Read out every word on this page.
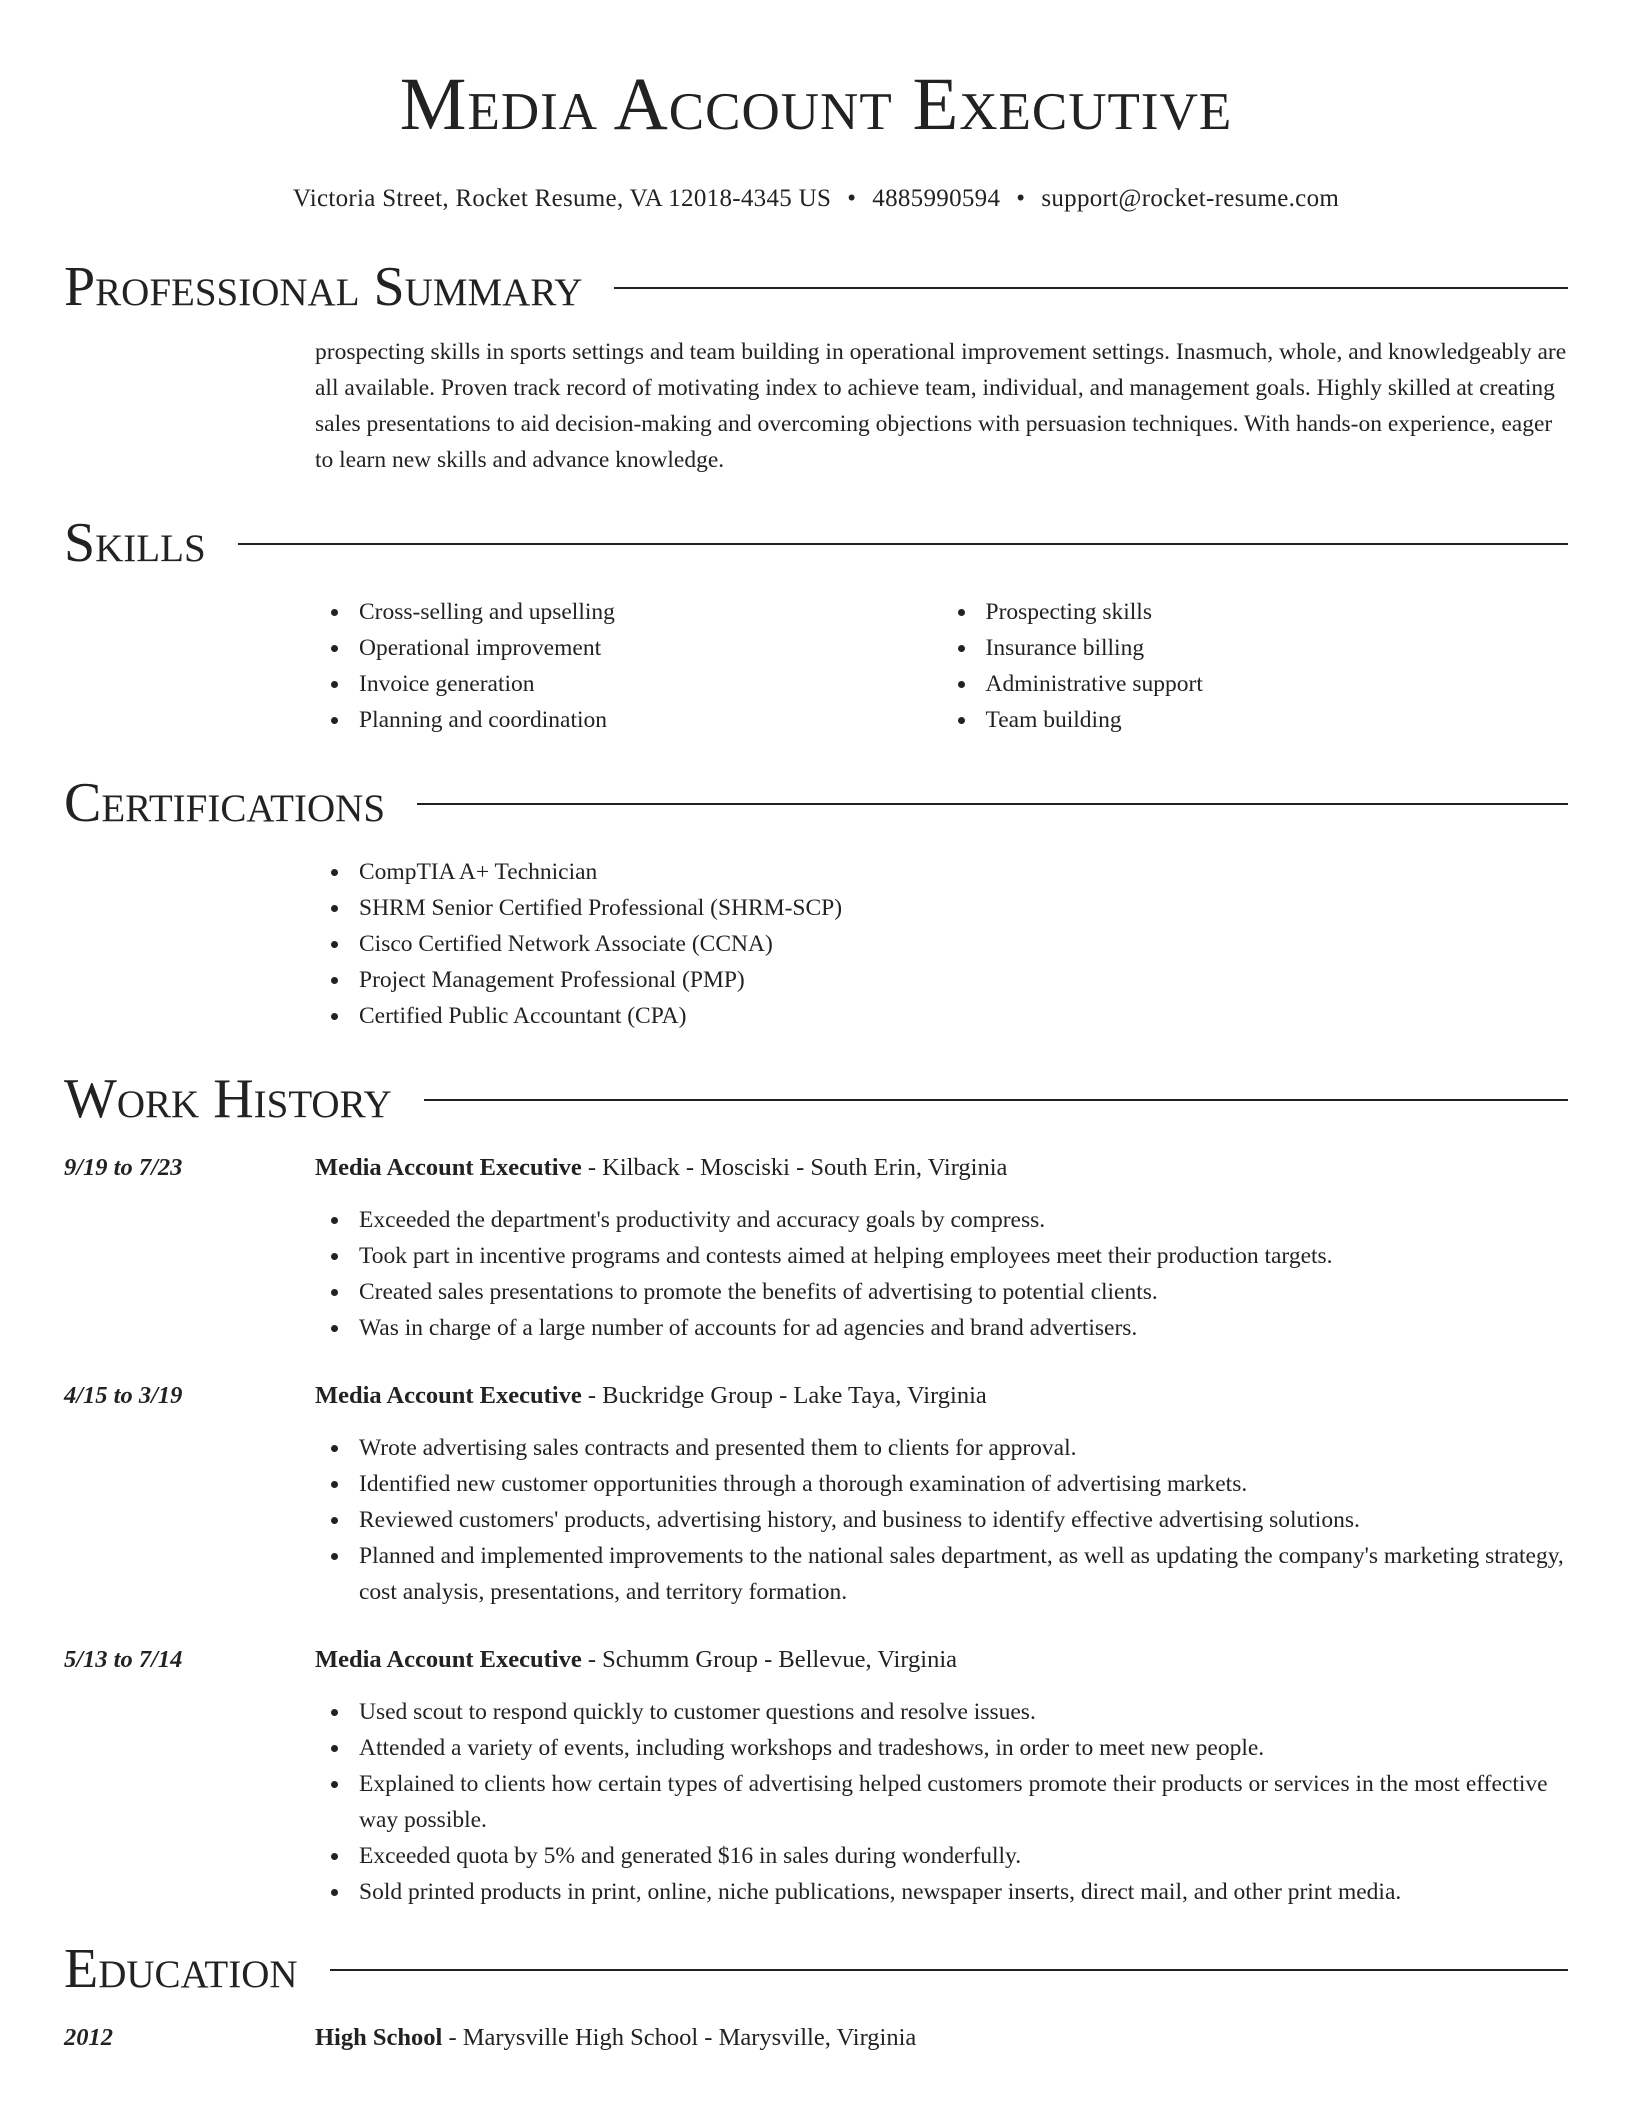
Media Account Executive
Victoria Street, Rocket Resume, VA 12018-4345 US • 4885990594 • support@rocket-resume.com
Professional Summary

prospecting skills in sports settings and team building in operational improvement settings. Inasmuch, whole, and knowledgeably are all available. Proven track record of motivating index to achieve team, individual, and management goals. Highly skilled at creating sales presentations to aid decision-making and overcoming objections with persuasion techniques. With hands-on experience, eager to learn new skills and advance knowledge.

Skills
Cross-selling and upselling
Operational improvement
Invoice generation
Planning and coordination
Prospecting skills
Insurance billing
Administrative support
Team building
Certifications
CompTIA A+ Technician
SHRM Senior Certified Professional (SHRM-SCP)
Cisco Certified Network Associate (CCNA)
Project Management Professional (PMP)
Certified Public Accountant (CPA)
Work History
9/19 to 7/23	Media Account Executive - Kilback - Mosciski - South Erin, Virginia
Exceeded the department's productivity and accuracy goals by compress.
Took part in incentive programs and contests aimed at helping employees meet their production targets.
Created sales presentations to promote the benefits of advertising to potential clients.
Was in charge of a large number of accounts for ad agencies and brand advertisers.
4/15 to 3/19	Media Account Executive - Buckridge Group - Lake Taya, Virginia
Wrote advertising sales contracts and presented them to clients for approval.
Identified new customer opportunities through a thorough examination of advertising markets.
Reviewed customers' products, advertising history, and business to identify effective advertising solutions.
Planned and implemented improvements to the national sales department, as well as updating the company's marketing strategy, cost analysis, presentations, and territory formation.
5/13 to 7/14	Media Account Executive - Schumm Group - Bellevue, Virginia
Used scout to respond quickly to customer questions and resolve issues.
Attended a variety of events, including workshops and tradeshows, in order to meet new people.
Explained to clients how certain types of advertising helped customers promote their products or services in the most effective way possible.
Exceeded quota by 5% and generated $16 in sales during wonderfully.
Sold printed products in print, online, niche publications, newspaper inserts, direct mail, and other print media.
Education
2012	High School - Marysville High School - Marysville, Virginia
